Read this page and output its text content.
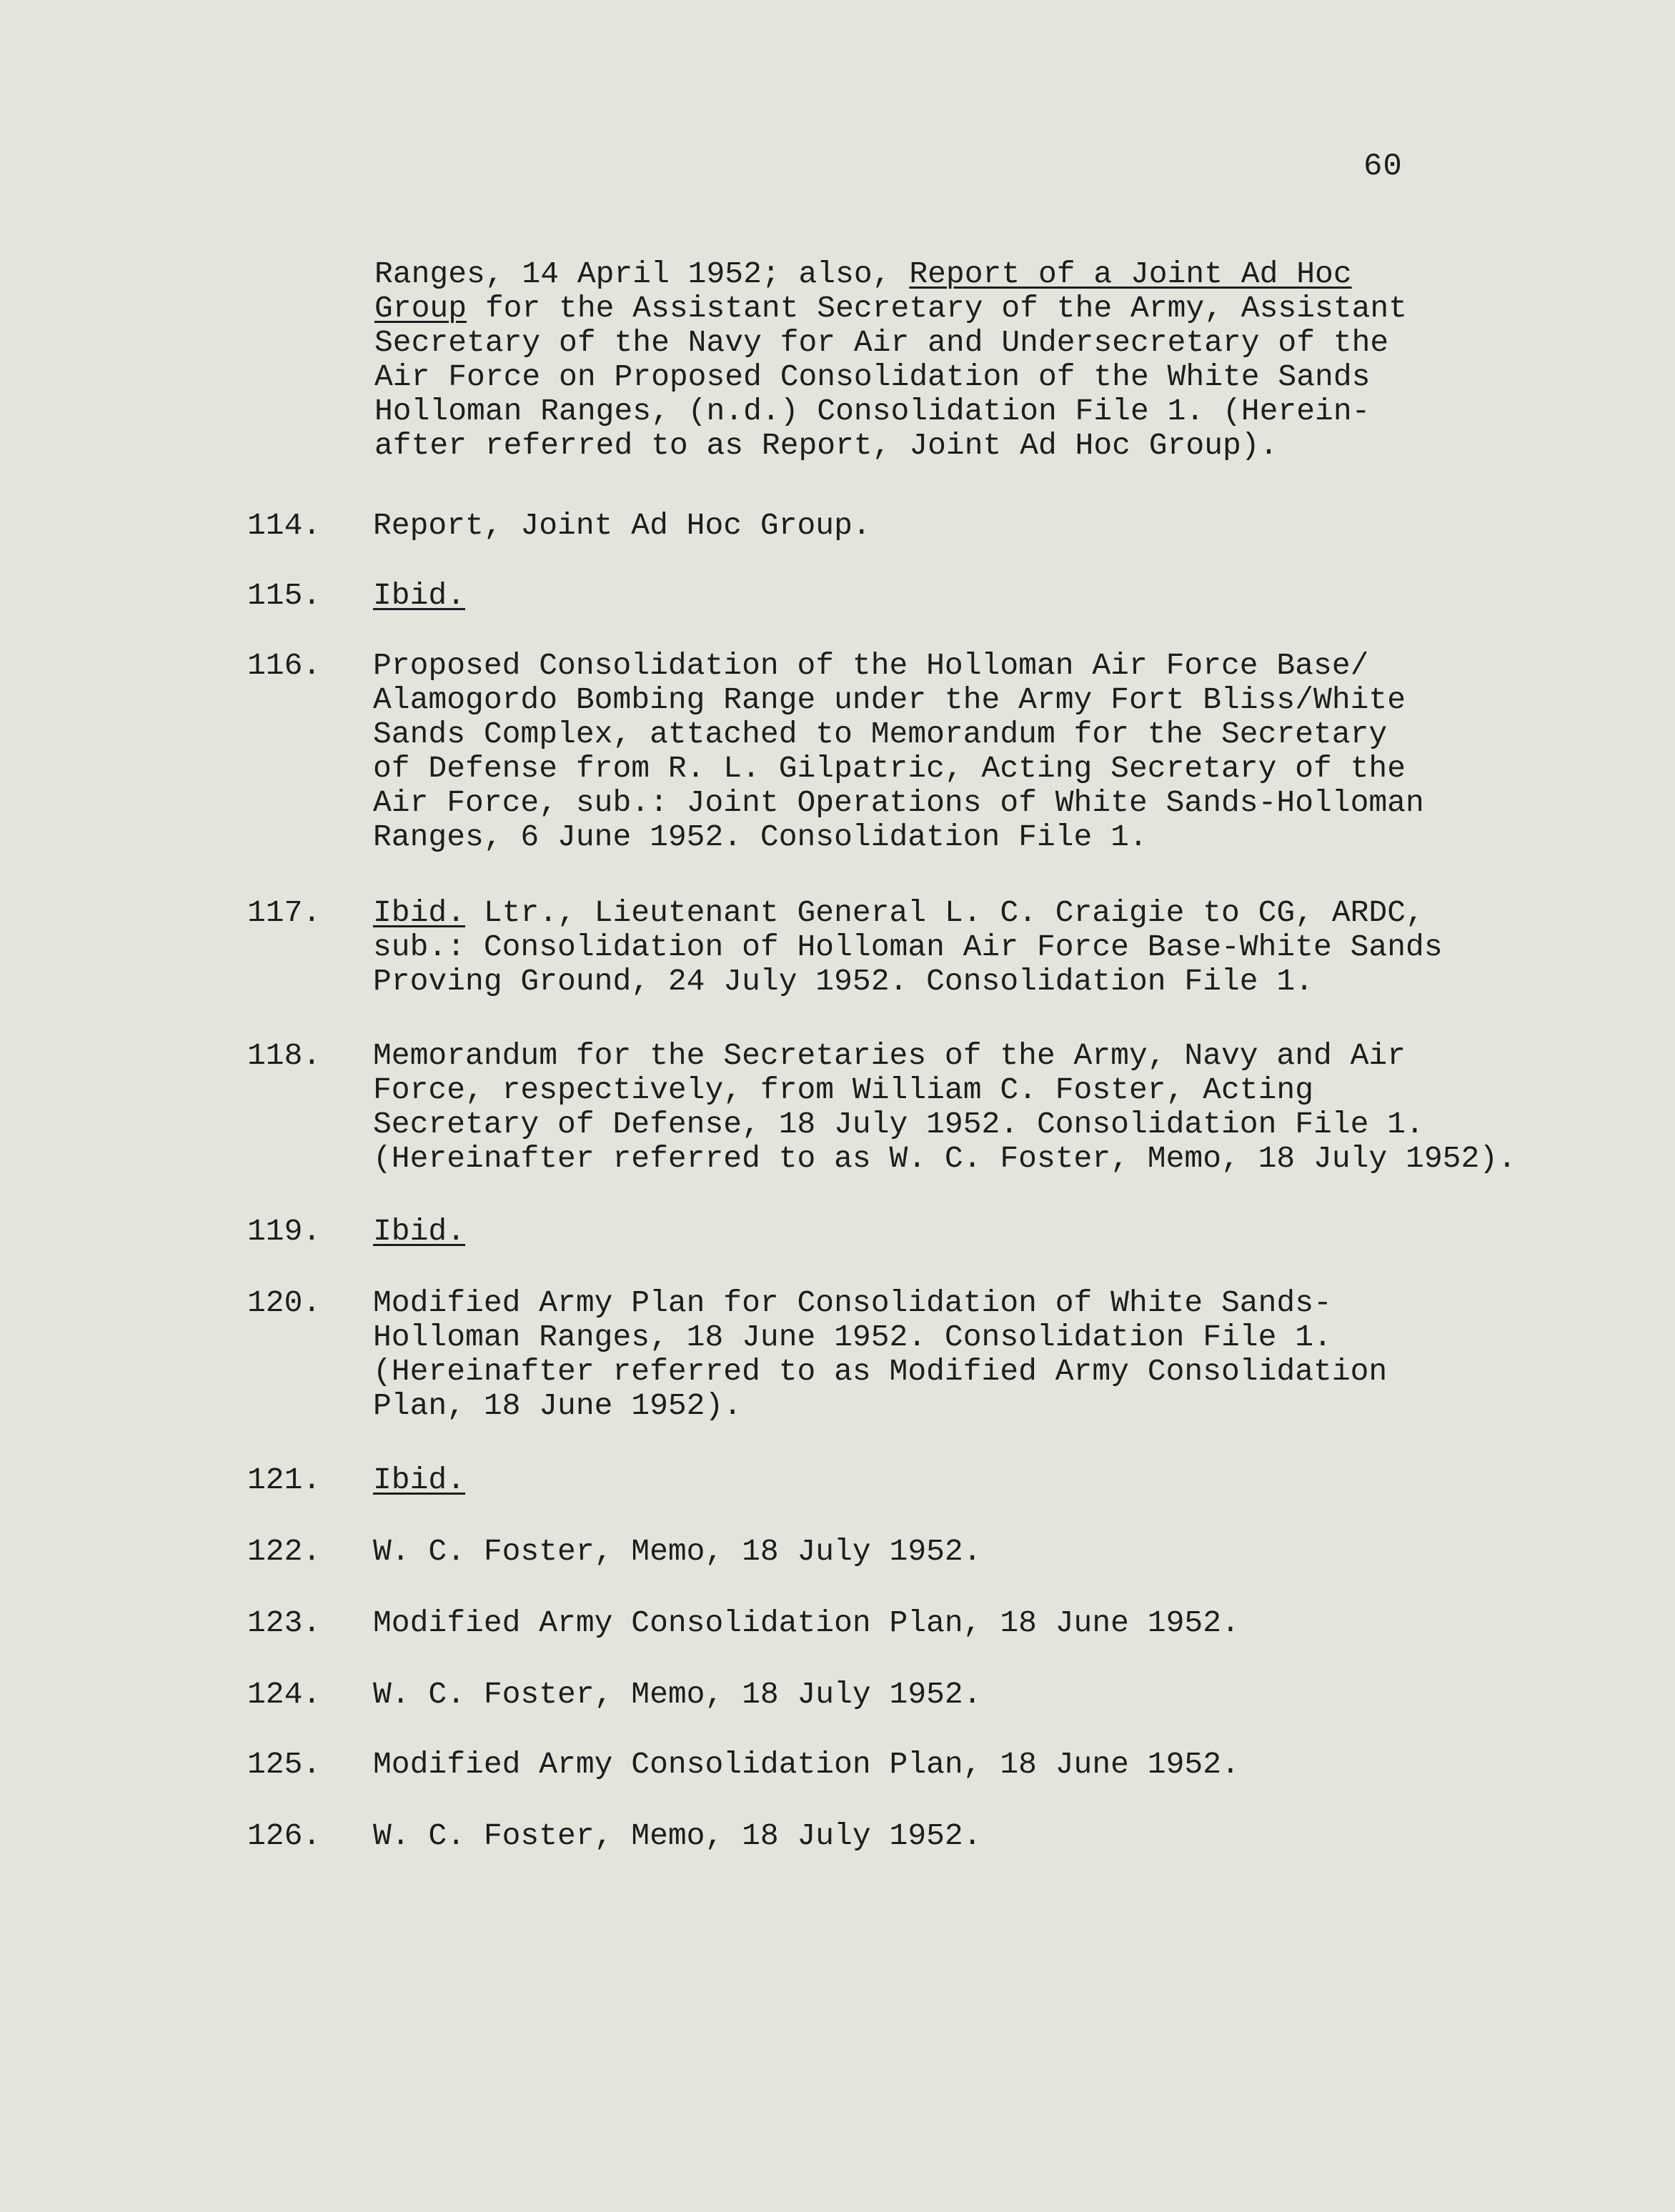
60
Ranges, 14 April 1952; also, Report of a Joint Ad Hoc
Group for the Assistant Secretary of the Army, Assistant
Secretary of the Navy for Air and Undersecretary of the
Air Force on Proposed Consolidation of the White Sands
Holloman Ranges, (n.d.) Consolidation File 1. (Herein-
after referred to as Report, Joint Ad Hoc Group).
114. Report, Joint Ad Hoc Group.
115. Ibid.
116. Proposed Consolidation of the Holloman Air Force Base/
Alamogordo Bombing Range under the Army Fort Bliss/White
Sands Complex, attached to Memorandum for the Secretary
of Defense from R. L. Gilpatric, Acting Secretary of the
Air Force, sub.: Joint Operations of White Sands-Holloman
Ranges, 6 June 1952. Consolidation File 1.
117. Ibid. Ltr., Lieutenant General L. C. Craigie to CG, ARDC,
sub.: Consolidation of Holloman Air Force Base-White Sands
Proving Ground, 24 July 1952. Consolidation File 1.
118. Memorandum for the Secretaries of the Army, Navy and Air
Force, respectively, from William C. Foster, Acting
Secretary of Defense, 18 July 1952. Consolidation File 1.
(Hereinafter referred to as W. C. Foster, Memo, 18 July 1952).
119. Ibid.
120. Modified Army Plan for Consolidation of White Sands-
Holloman Ranges, 18 June 1952. Consolidation File 1.
(Hereinafter referred to as Modified Army Consolidation
Plan, 18 June 1952).
121. Ibid.
122. W. C. Foster, Memo, 18 July 1952.
123. Modified Army Consolidation Plan, 18 June 1952.
124. W. C. Foster, Memo, 18 July 1952.
125. Modified Army Consolidation Plan, 18 June 1952.
126. W. C. Foster, Memo, 18 July 1952.
